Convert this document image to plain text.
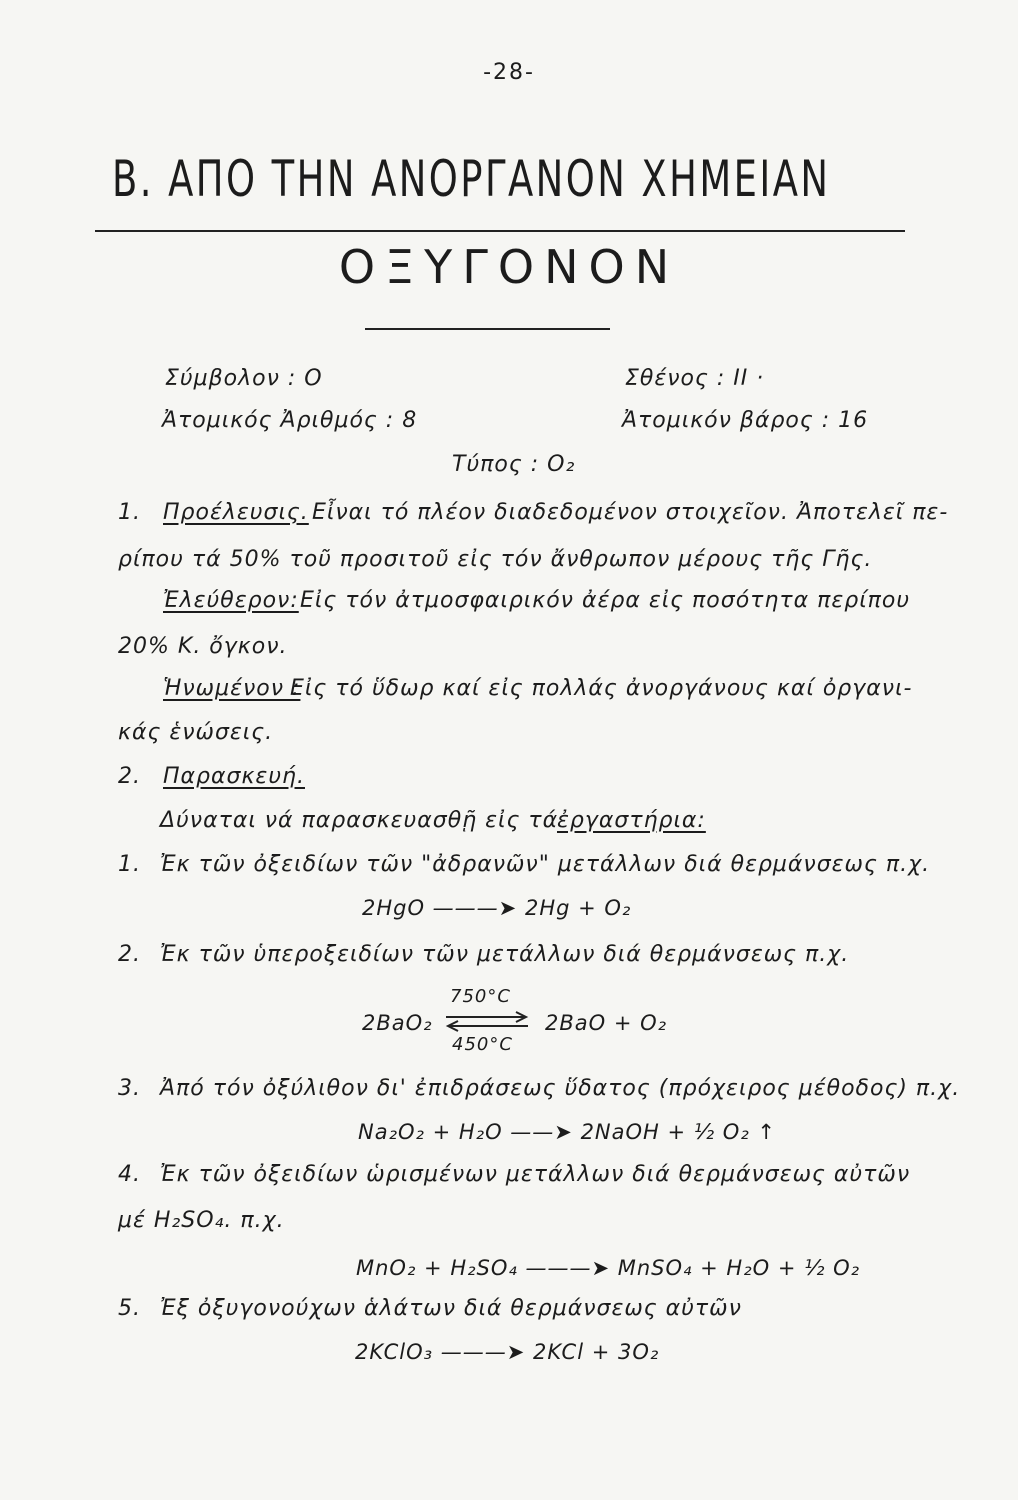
-28-
B. ΑΠΟ ΤΗΝ ΑΝΟΡΓΑΝΟΝ ΧΗΜΕΙΑΝ
ΟΞΥΓΟΝΟΝ
Σύμβολον : Ο	Σθένος : ΙΙ ·
Ἀτομικός Ἀριθμός : 8	Ἀτομικόν βάρος : 16
Τύπος : O₂
1. Προέλευσις. Εἶναι τό πλέον διαδεδομένον στοιχεῖον. Ἀποτελεῖ πε-
ρίπου τά 50% τοῦ προσιτοῦ εἰς τόν ἄνθρωπον μέρους τῆς Γῆς.
Ἐλεύθερον: Εἰς τόν ἀτμοσφαιρικόν ἀέρα εἰς ποσότητα περίπου
20% Κ. ὄγκον.
Ἡνωμένον :
Εἰς τό ὕδωρ καί εἰς πολλάς ἀνοργάνους καί ὀργανι-
κάς ἑνώσεις.
2. Παρασκευή.
Δύναται νά παρασκευασθῇ εἰς τά
ἐργαστήρια:
1. Ἐκ τῶν ὀξειδίων τῶν "ἀδρανῶν" μετάλλων διά θερμάνσεως π.χ.
2HgO ———➤ 2Hg + O₂
2. Ἐκ τῶν ὑπεροξειδίων τῶν μετάλλων διά θερμάνσεως π.χ.
750°C
2BaO₂	2BaO + O₂
450°C
3. Ἀπό τόν ὀξύλιθον δι' ἐπιδράσεως ὕδατος (πρόχειρος μέθοδος) π.χ.
Na₂O₂ + H₂O ——➤ 2NaOH + ½ O₂ ↑
4. Ἐκ τῶν ὀξειδίων ὡρισμένων μετάλλων διά θερμάνσεως αὐτῶν
μέ H₂SO₄. π.χ.
MnO₂ + H₂SO₄ ———➤ MnSO₄ + H₂O + ½ O₂
5. Ἐξ ὀξυγονούχων ἁλάτων διά θερμάνσεως αὐτῶν
2KClO₃ ———➤ 2KCl + 3O₂
